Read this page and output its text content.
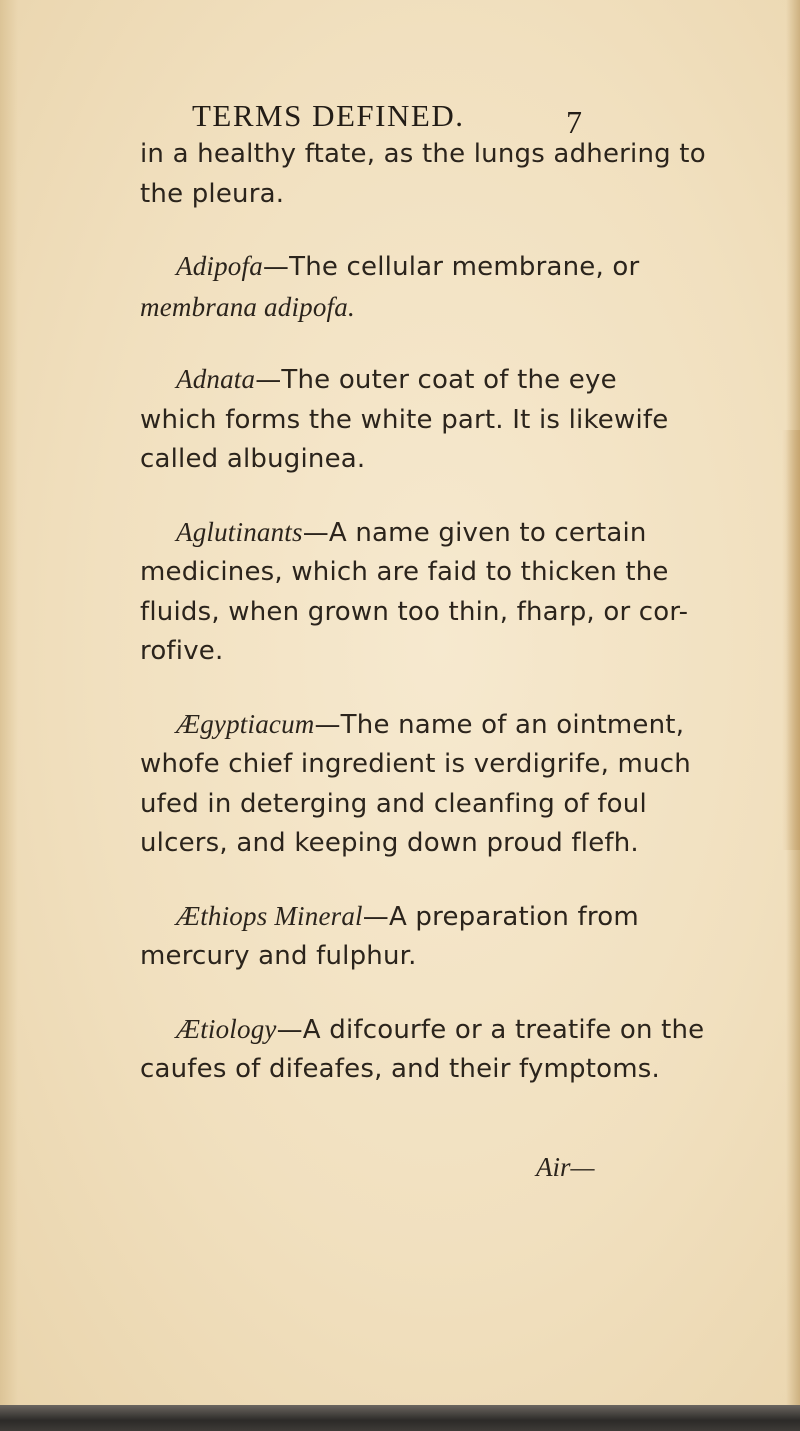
TERMS DEFINED.	7

in a healthy ftate, as the lungs adhering to
the pleura.

Adipofa—The cellular membrane, or
membrana adipofa.

Adnata—The outer coat of the eye
which forms the white part. It is likewife
called albuginea.

Aglutinants—A name given to certain
medicines, which are faid to thicken the
fluids, when grown too thin, fharp, or cor-
rofive.

Ægyptiacum—The name of an ointment,
whofe chief ingredient is verdigrife, much
ufed in deterging and cleanfing of foul
ulcers, and keeping down proud flefh.

Æthiops Mineral—A preparation from
mercury and fulphur.

Ætiology—A difcourfe or a treatife on the
caufes of difeafes, and their fymptoms.

Air—
